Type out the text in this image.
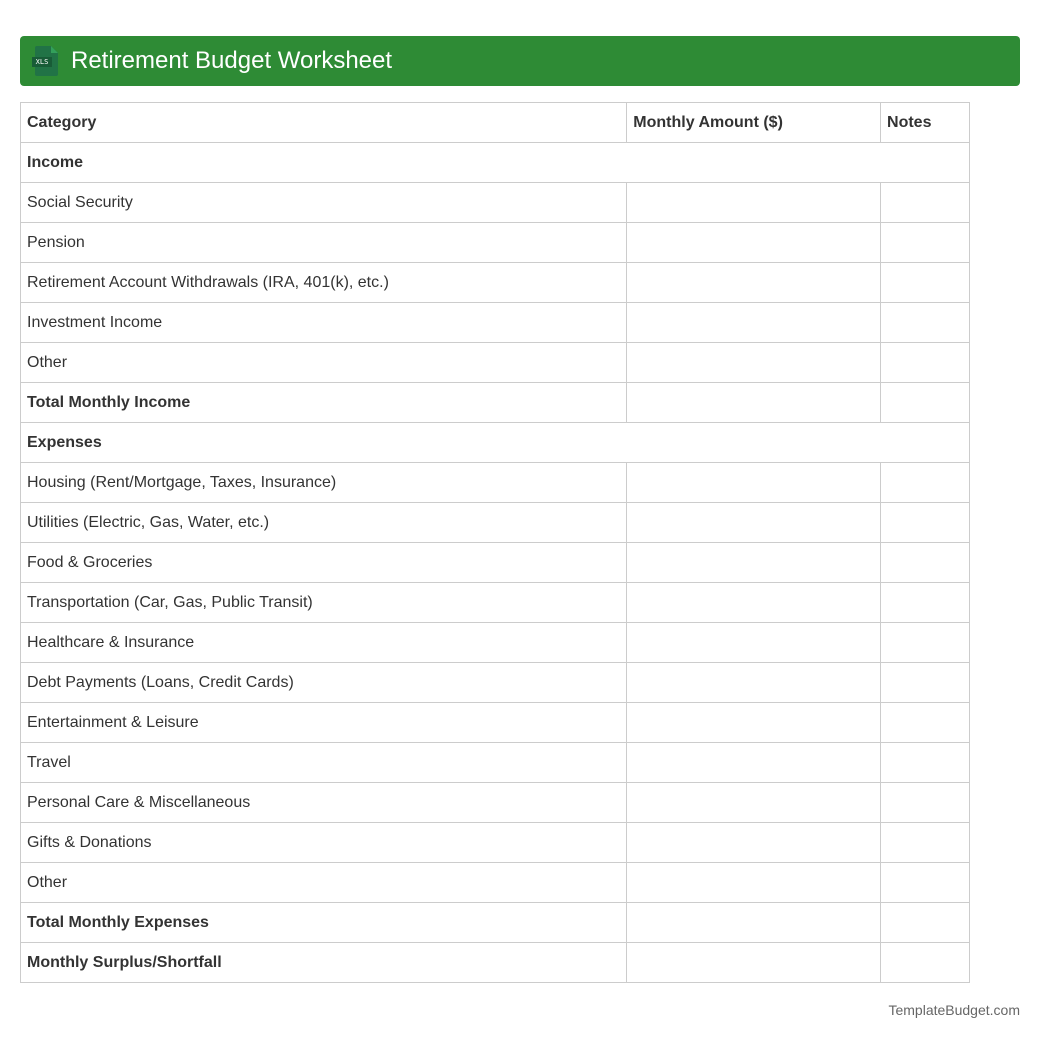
XLS Retirement Budget Worksheet
Category	Monthly Amount ($)	Notes
Income		
Social Security		
Pension		
Retirement Account Withdrawals (IRA, 401(k), etc.)		
Investment Income		
Other		
Total Monthly Income		
Expenses		
Housing (Rent/Mortgage, Taxes, Insurance)		
Utilities (Electric, Gas, Water, etc.)		
Food & Groceries		
Transportation (Car, Gas, Public Transit)		
Healthcare & Insurance		
Debt Payments (Loans, Credit Cards)		
Entertainment & Leisure		
Travel		
Personal Care & Miscellaneous		
Gifts & Donations		
Other		
Total Monthly Expenses		
Monthly Surplus/Shortfall		
TemplateBudget.com
